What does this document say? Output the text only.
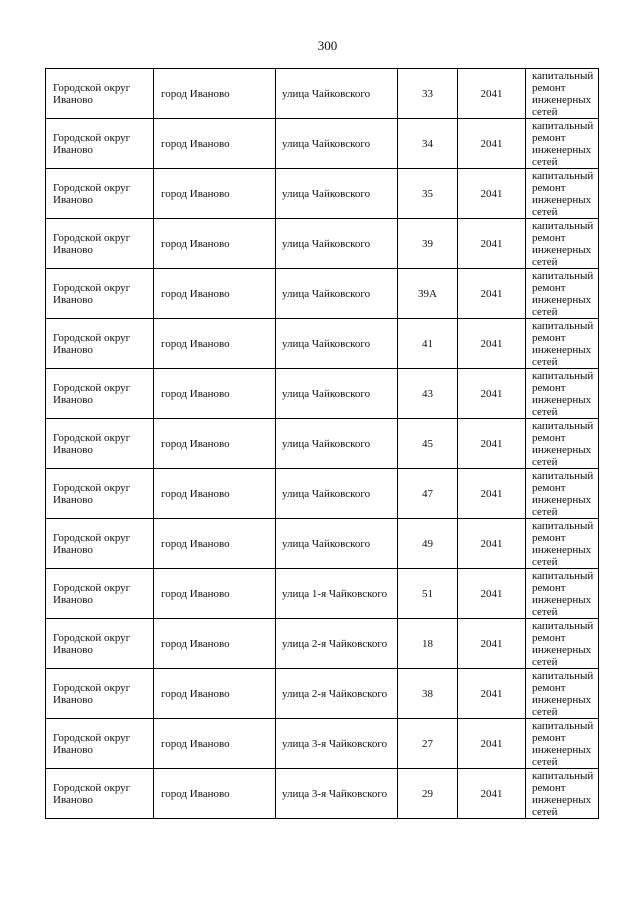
300
Городской округ Иваново	город Иваново	улица Чайковского	33	2041	капитальный ремонт инженерных сетей
Городской округ Иваново	город Иваново	улица Чайковского	34	2041	капитальный ремонт инженерных сетей
Городской округ Иваново	город Иваново	улица Чайковского	35	2041	капитальный ремонт инженерных сетей
Городской округ Иваново	город Иваново	улица Чайковского	39	2041	капитальный ремонт инженерных сетей
Городской округ Иваново	город Иваново	улица Чайковского	39А	2041	капитальный ремонт инженерных сетей
Городской округ Иваново	город Иваново	улица Чайковского	41	2041	капитальный ремонт инженерных сетей
Городской округ Иваново	город Иваново	улица Чайковского	43	2041	капитальный ремонт инженерных сетей
Городской округ Иваново	город Иваново	улица Чайковского	45	2041	капитальный ремонт инженерных сетей
Городской округ Иваново	город Иваново	улица Чайковского	47	2041	капитальный ремонт инженерных сетей
Городской округ Иваново	город Иваново	улица Чайковского	49	2041	капитальный ремонт инженерных сетей
Городской округ Иваново	город Иваново	улица 1-я Чайковского	51	2041	капитальный ремонт инженерных сетей
Городской округ Иваново	город Иваново	улица 2-я Чайковского	18	2041	капитальный ремонт инженерных сетей
Городской округ Иваново	город Иваново	улица 2-я Чайковского	38	2041	капитальный ремонт инженерных сетей
Городской округ Иваново	город Иваново	улица 3-я Чайковского	27	2041	капитальный ремонт инженерных сетей
Городской округ Иваново	город Иваново	улица 3-я Чайковского	29	2041	капитальный ремонт инженерных сетей
